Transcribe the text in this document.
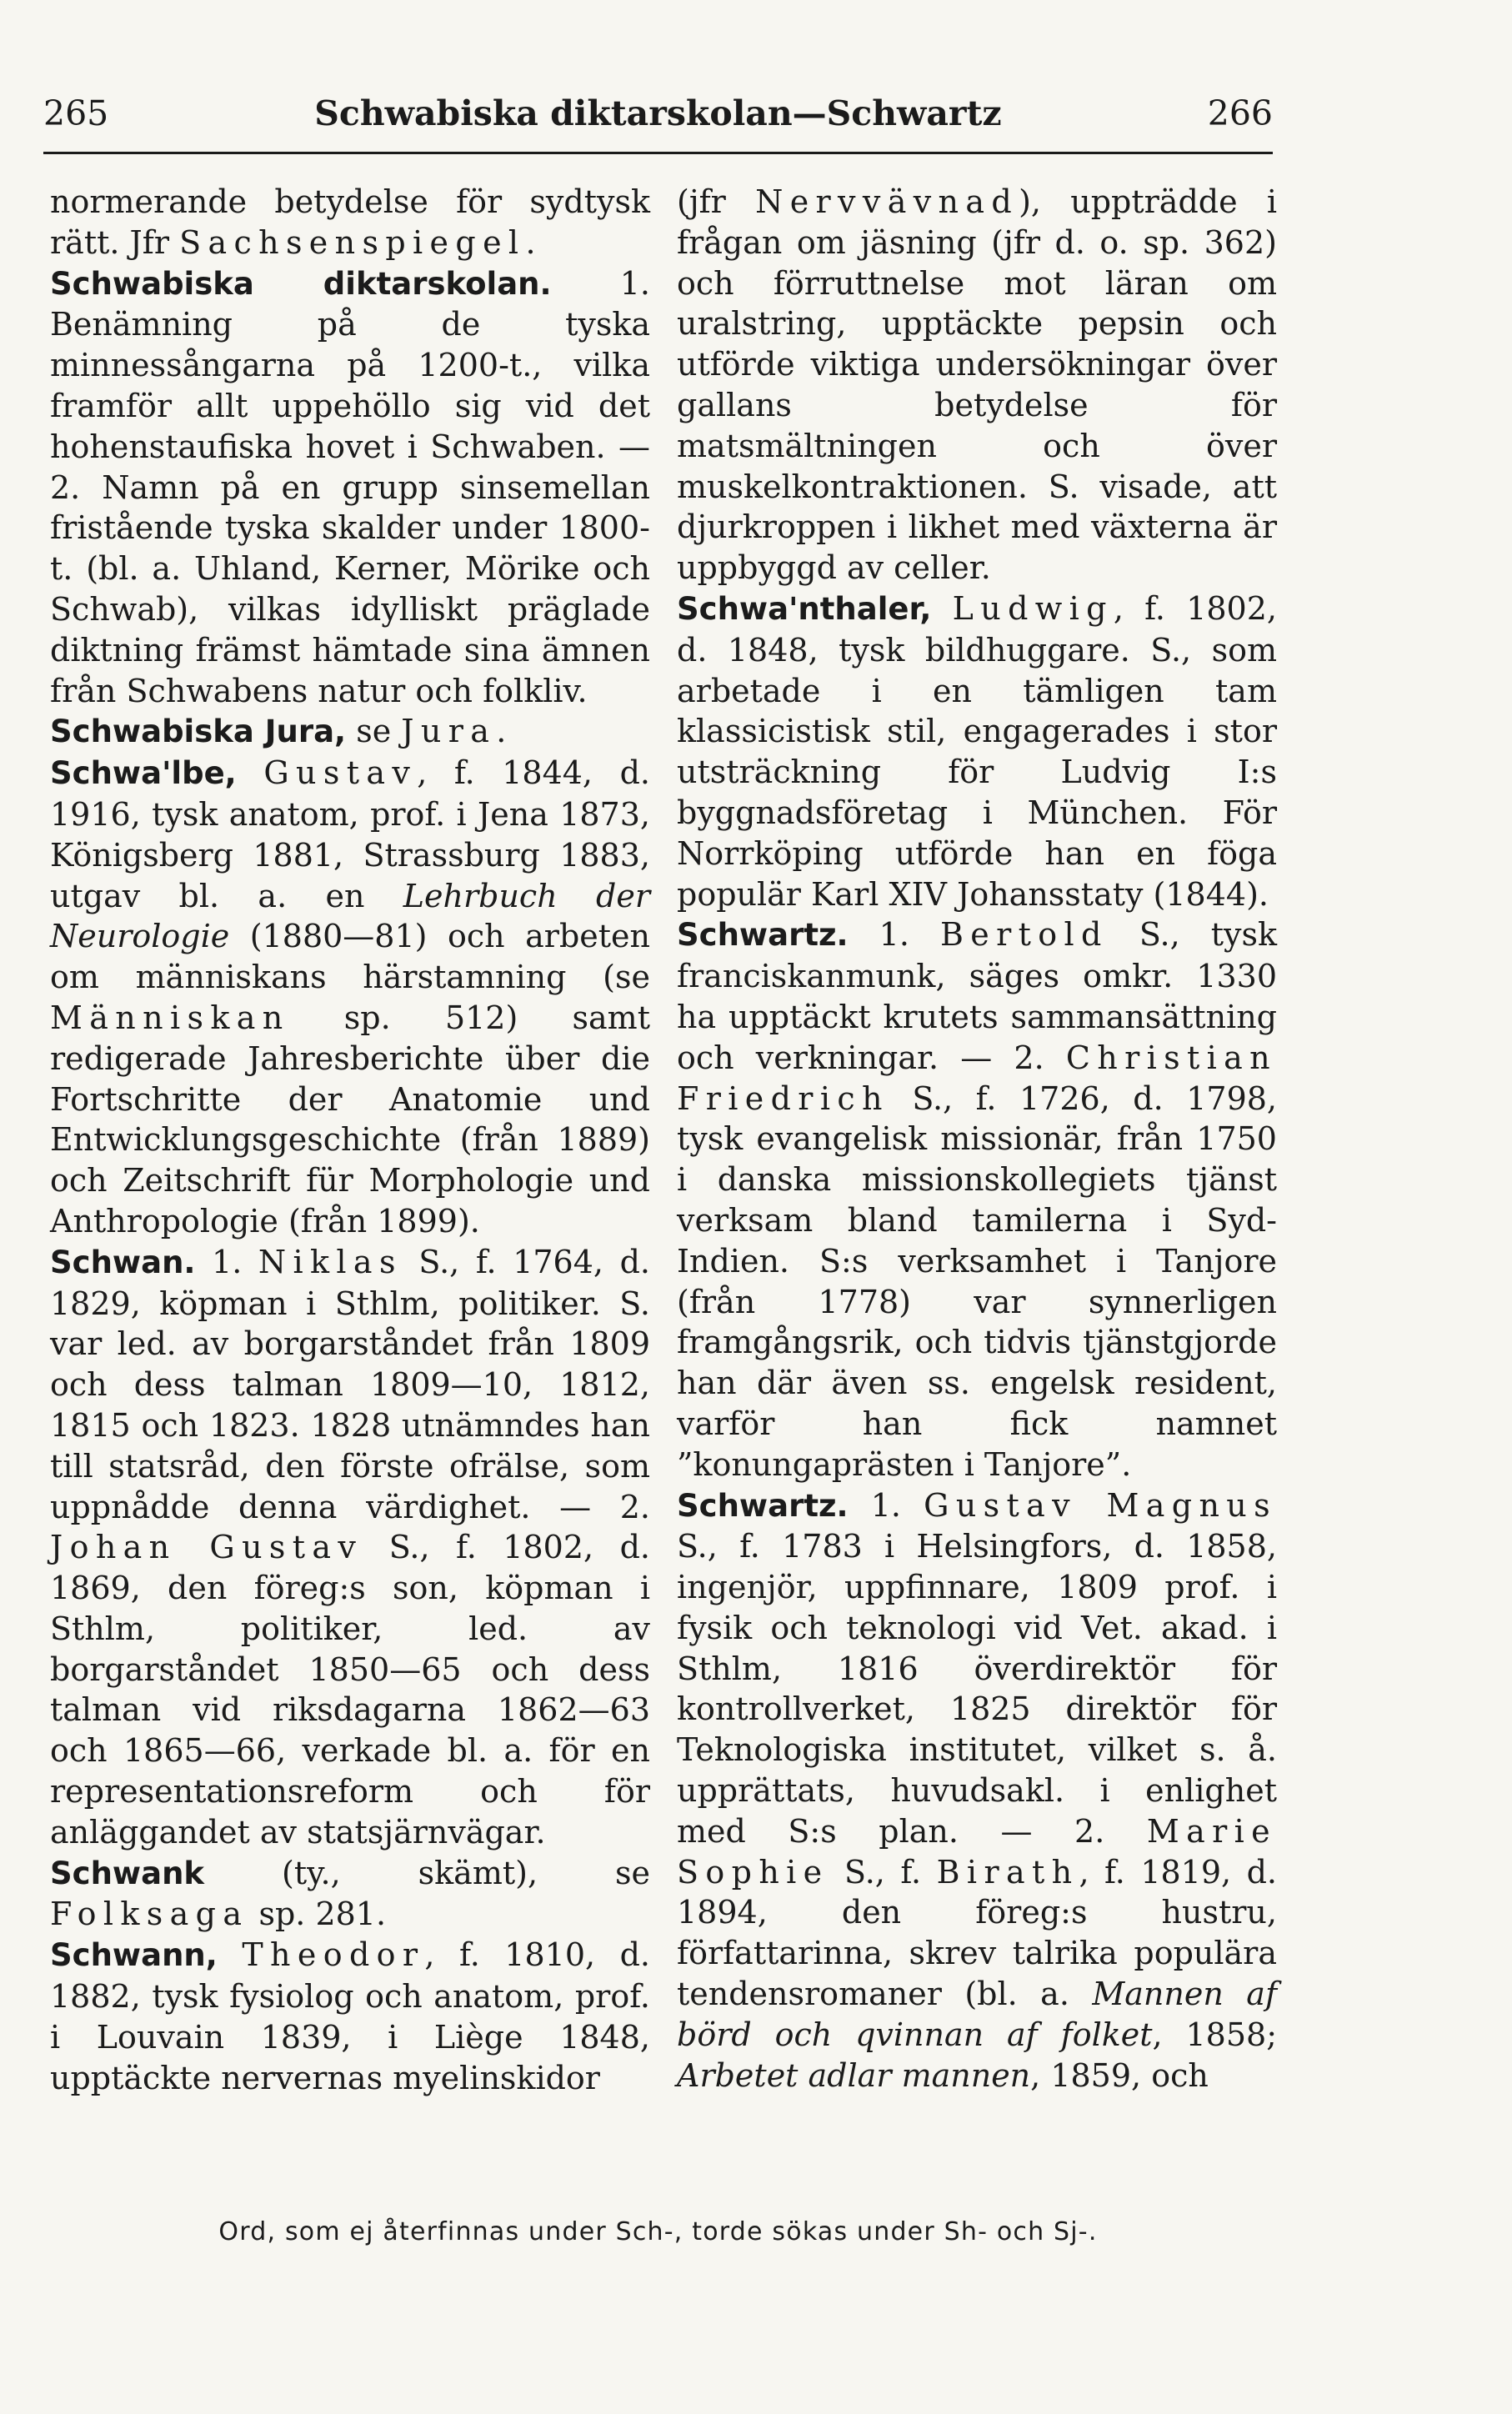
265	Schwabiska diktarskolan—Schwartz	266

normerande betydelse för sydtysk rätt. Jfr Sachsenspiegel.

Schwabiska diktarskolan. 1. Benämning på de tyska minnessångarna på 1200-t., vilka framför allt uppehöllo sig vid det hohenstaufiska hovet i Schwaben. — 2. Namn på en grupp sinsemellan fristående tyska skalder under 1800-t. (bl. a. Uhland, Kerner, Mörike och Schwab), vilkas idylliskt präglade diktning främst hämtade sina ämnen från Schwabens natur och folkliv.

Schwabiska Jura, se Jura.

Schwa'lbe, Gustav, f. 1844, d. 1916, tysk anatom, prof. i Jena 1873, Königsberg 1881, Strassburg 1883, utgav bl. a. en Lehrbuch der Neurologie (1880—81) och arbeten om människans härstamning (se Människan sp. 512) samt redigerade Jahresberichte über die Fortschritte der Anatomie und Entwicklungsgeschichte (från 1889) och Zeitschrift für Morphologie und Anthropologie (från 1899).

Schwan. 1. Niklas S., f. 1764, d. 1829, köpman i Sthlm, politiker. S. var led. av borgarståndet från 1809 och dess talman 1809—10, 1812, 1815 och 1823. 1828 utnämndes han till statsråd, den förste ofrälse, som uppnådde denna värdighet. — 2. Johan Gustav S., f. 1802, d. 1869, den föreg:s son, köpman i Sthlm, politiker, led. av borgarståndet 1850—65 och dess talman vid riksdagarna 1862—63 och 1865—66, verkade bl. a. för en representationsreform och för anläggandet av statsjärnvägar.

Schwank (ty., skämt), se Folksaga sp. 281.

Schwann, Theodor, f. 1810, d. 1882, tysk fysiolog och anatom, prof. i Louvain 1839, i Liège 1848, upptäckte nervernas myelinskidor

(jfr Nervvävnad), uppträdde i frågan om jäsning (jfr d. o. sp. 362) och förruttnelse mot läran om uralstring, upptäckte pepsin och utförde viktiga undersökningar över gallans betydelse för matsmältningen och över muskelkontraktionen. S. visade, att djurkroppen i likhet med växterna är uppbyggd av celler.

Schwa'nthaler, Ludwig, f. 1802, d. 1848, tysk bildhuggare. S., som arbetade i en tämligen tam klassicistisk stil, engagerades i stor utsträckning för Ludvig I:s byggnadsföretag i München. För Norrköping utförde han en föga populär Karl XIV Johansstaty (1844).

Schwartz. 1. Bertold S., tysk franciskanmunk, säges omkr. 1330 ha upptäckt krutets sammansättning och verkningar. — 2. Christian Friedrich S., f. 1726, d. 1798, tysk evangelisk missionär, från 1750 i danska missionskollegiets tjänst verksam bland tamilerna i Syd-Indien. S:s verksamhet i Tanjore (från 1778) var synnerligen framgångsrik, och tidvis tjänstgjorde han där även ss. engelsk resident, varför han fick namnet ”konungaprästen i Tanjore”.

Schwartz. 1. Gustav Magnus S., f. 1783 i Helsingfors, d. 1858, ingenjör, uppfinnare, 1809 prof. i fysik och teknologi vid Vet. akad. i Sthlm, 1816 överdirektör för kontrollverket, 1825 direktör för Teknologiska institutet, vilket s. å. upprättats, huvudsakl. i enlighet med S:s plan. — 2. Marie Sophie S., f. Birath, f. 1819, d. 1894, den föreg:s hustru, författarinna, skrev talrika populära tendensromaner (bl. a. Mannen af börd och qvinnan af folket, 1858; Arbetet adlar mannen, 1859, och

Ord, som ej återfinnas under Sch-, torde sökas under Sh- och Sj-.
